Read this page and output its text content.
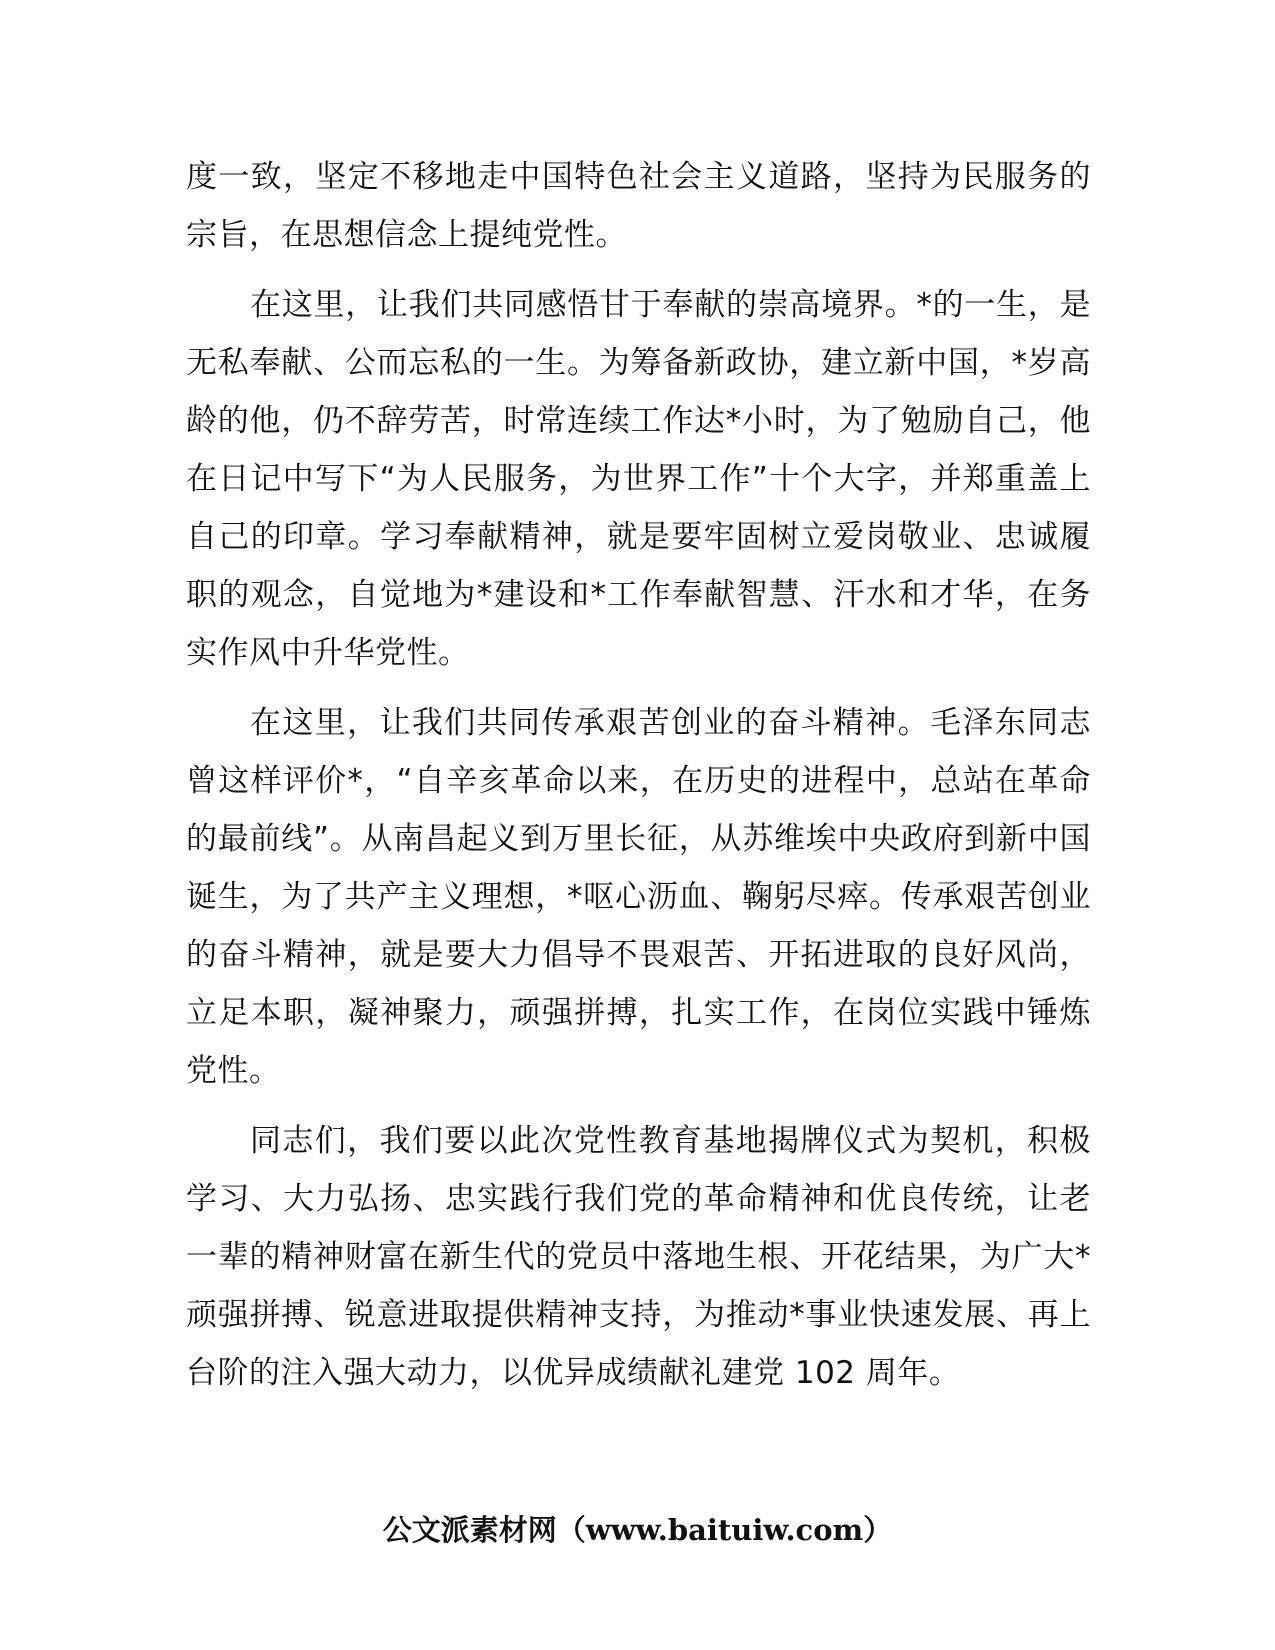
度一致，坚定不移地走中国特色社会主义道路，坚持为民服务的宗旨，在思想信念上提纯党性。

在这里，让我们共同感悟甘于奉献的崇高境界。*的一生，是无私奉献、公而忘私的一生。为筹备新政协，建立新中国，*岁高龄的他，仍不辞劳苦，时常连续工作达*小时，为了勉励自己，他在日记中写下“为人民服务，为世界工作”十个大字，并郑重盖上自己的印章。学习奉献精神，就是要牢固树立爱岗敬业、忠诚履职的观念，自觉地为*建设和*工作奉献智慧、汗水和才华，在务实作风中升华党性。

在这里，让我们共同传承艰苦创业的奋斗精神。毛泽东同志曾这样评价*，“自辛亥革命以来，在历史的进程中，总站在革命的最前线”。从南昌起义到万里长征，从苏维埃中央政府到新中国诞生，为了共产主义理想，*呕心沥血、鞠躬尽瘁。传承艰苦创业的奋斗精神，就是要大力倡导不畏艰苦、开拓进取的良好风尚，立足本职，凝神聚力，顽强拼搏，扎实工作，在岗位实践中锤炼党性。

同志们，我们要以此次党性教育基地揭牌仪式为契机，积极学习、大力弘扬、忠实践行我们党的革命精神和优良传统，让老一辈的精神财富在新生代的党员中落地生根、开花结果，为广大*顽强拼搏、锐意进取提供精神支持，为推动*事业快速发展、再上台阶的注入强大动力，以优异成绩献礼建党 102 周年。

公文派素材网（www.baituiw.com）
